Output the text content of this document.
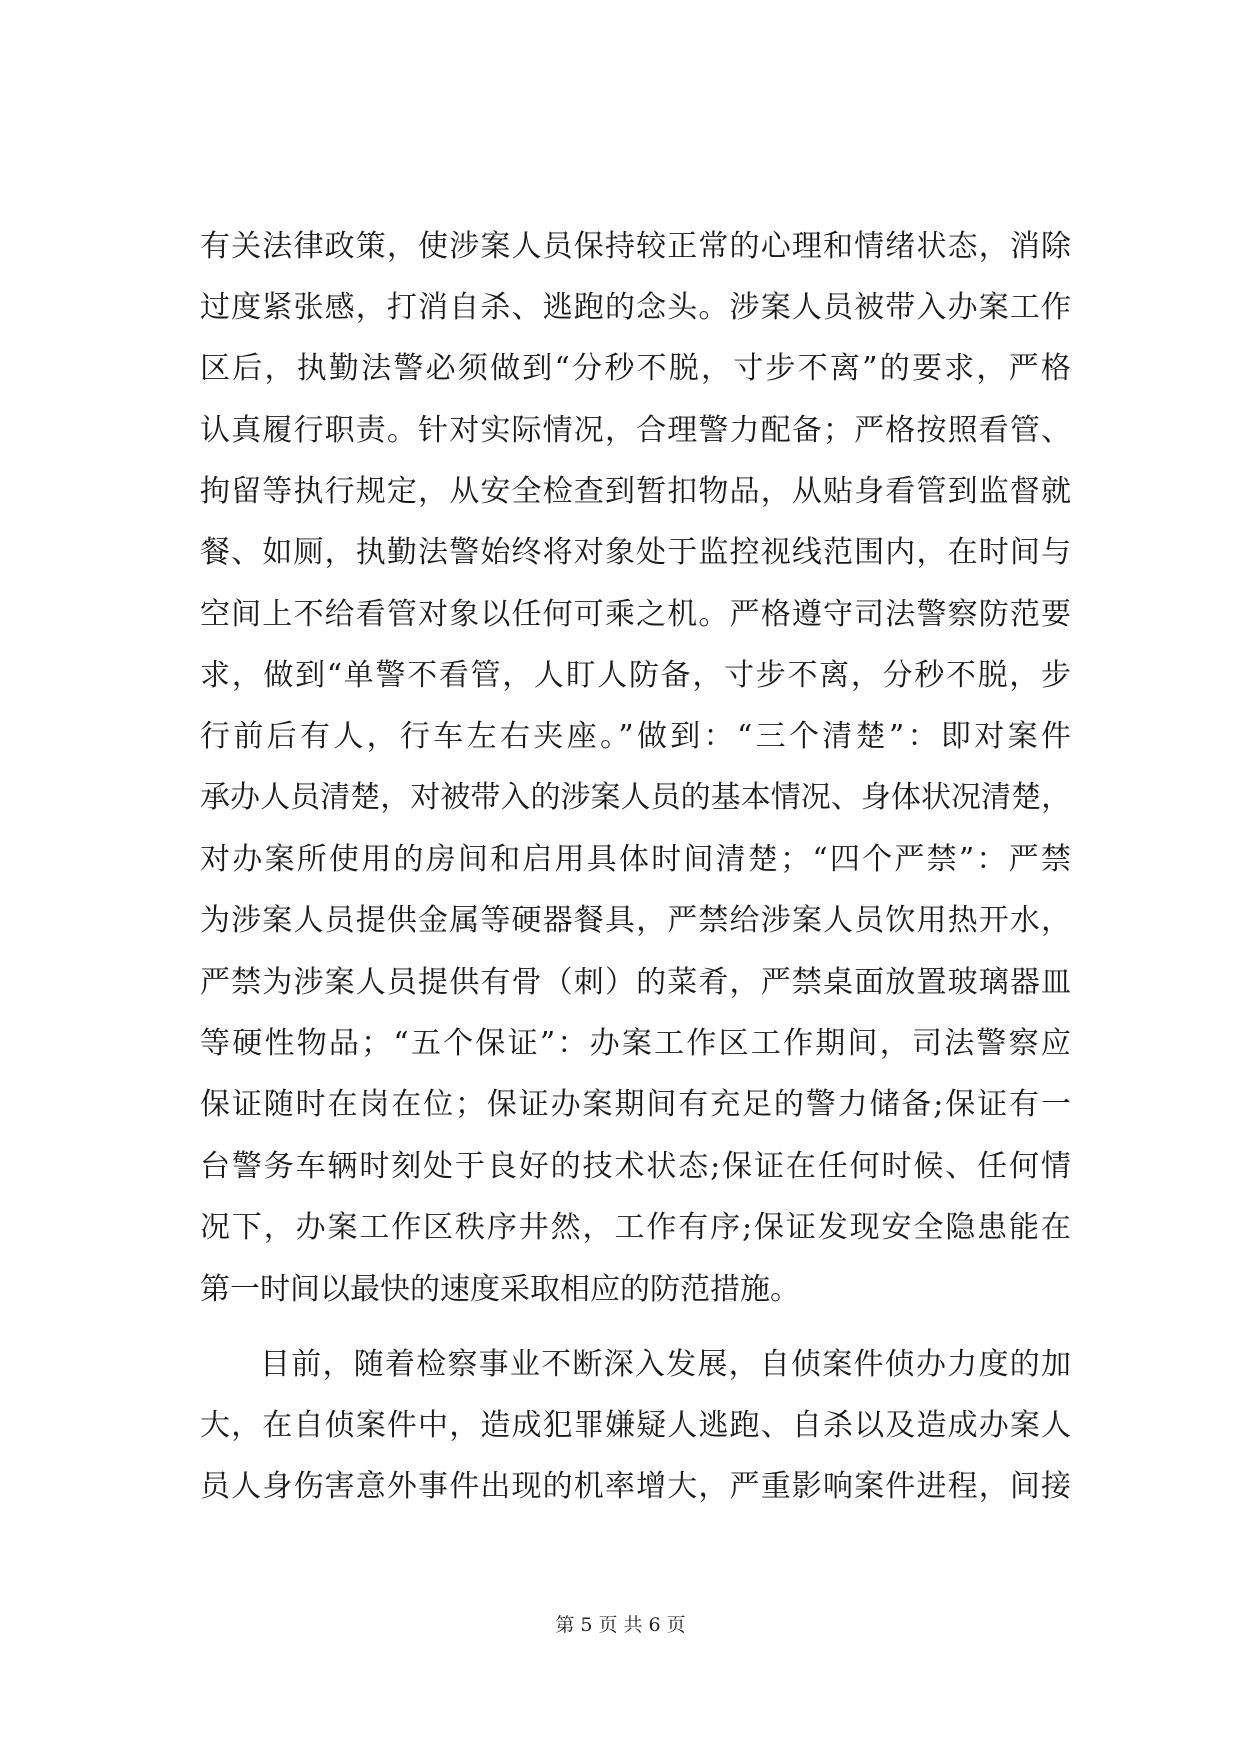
有关法律政策，使涉案人员保持较正常的心理和情绪状态，消除
过度紧张感，打消自杀、逃跑的念头。涉案人员被带入办案工作
区后，执勤法警必须做到“分秒不脱，寸步不离”的要求，严格
认真履行职责。针对实际情况，合理警力配备；严格按照看管、
拘留等执行规定，从安全检查到暂扣物品，从贴身看管到监督就
餐、如厕，执勤法警始终将对象处于监控视线范围内，在时间与
空间上不给看管对象以任何可乘之机。严格遵守司法警察防范要
求，做到“单警不看管，人盯人防备，寸步不离，分秒不脱，步
行前后有人，行车左右夹座。”做到：“三个清楚”：即对案件
承办人员清楚，对被带入的涉案人员的基本情况、身体状况清楚，
对办案所使用的房间和启用具体时间清楚；“四个严禁”：严禁
为涉案人员提供金属等硬器餐具，严禁给涉案人员饮用热开水，
严禁为涉案人员提供有骨（刺）的菜肴，严禁桌面放置玻璃器皿
等硬性物品；“五个保证”：办案工作区工作期间，司法警察应
保证随时在岗在位；保证办案期间有充足的警力储备;保证有一
台警务车辆时刻处于良好的技术状态;保证在任何时候、任何情
况下，办案工作区秩序井然，工作有序;保证发现安全隐患能在
第一时间以最快的速度采取相应的防范措施。
目前，随着检察事业不断深入发展，自侦案件侦办力度的加
大，在自侦案件中，造成犯罪嫌疑人逃跑、自杀以及造成办案人
员人身伤害意外事件出现的机率增大，严重影响案件进程，间接
第 5 页 共 6 页
